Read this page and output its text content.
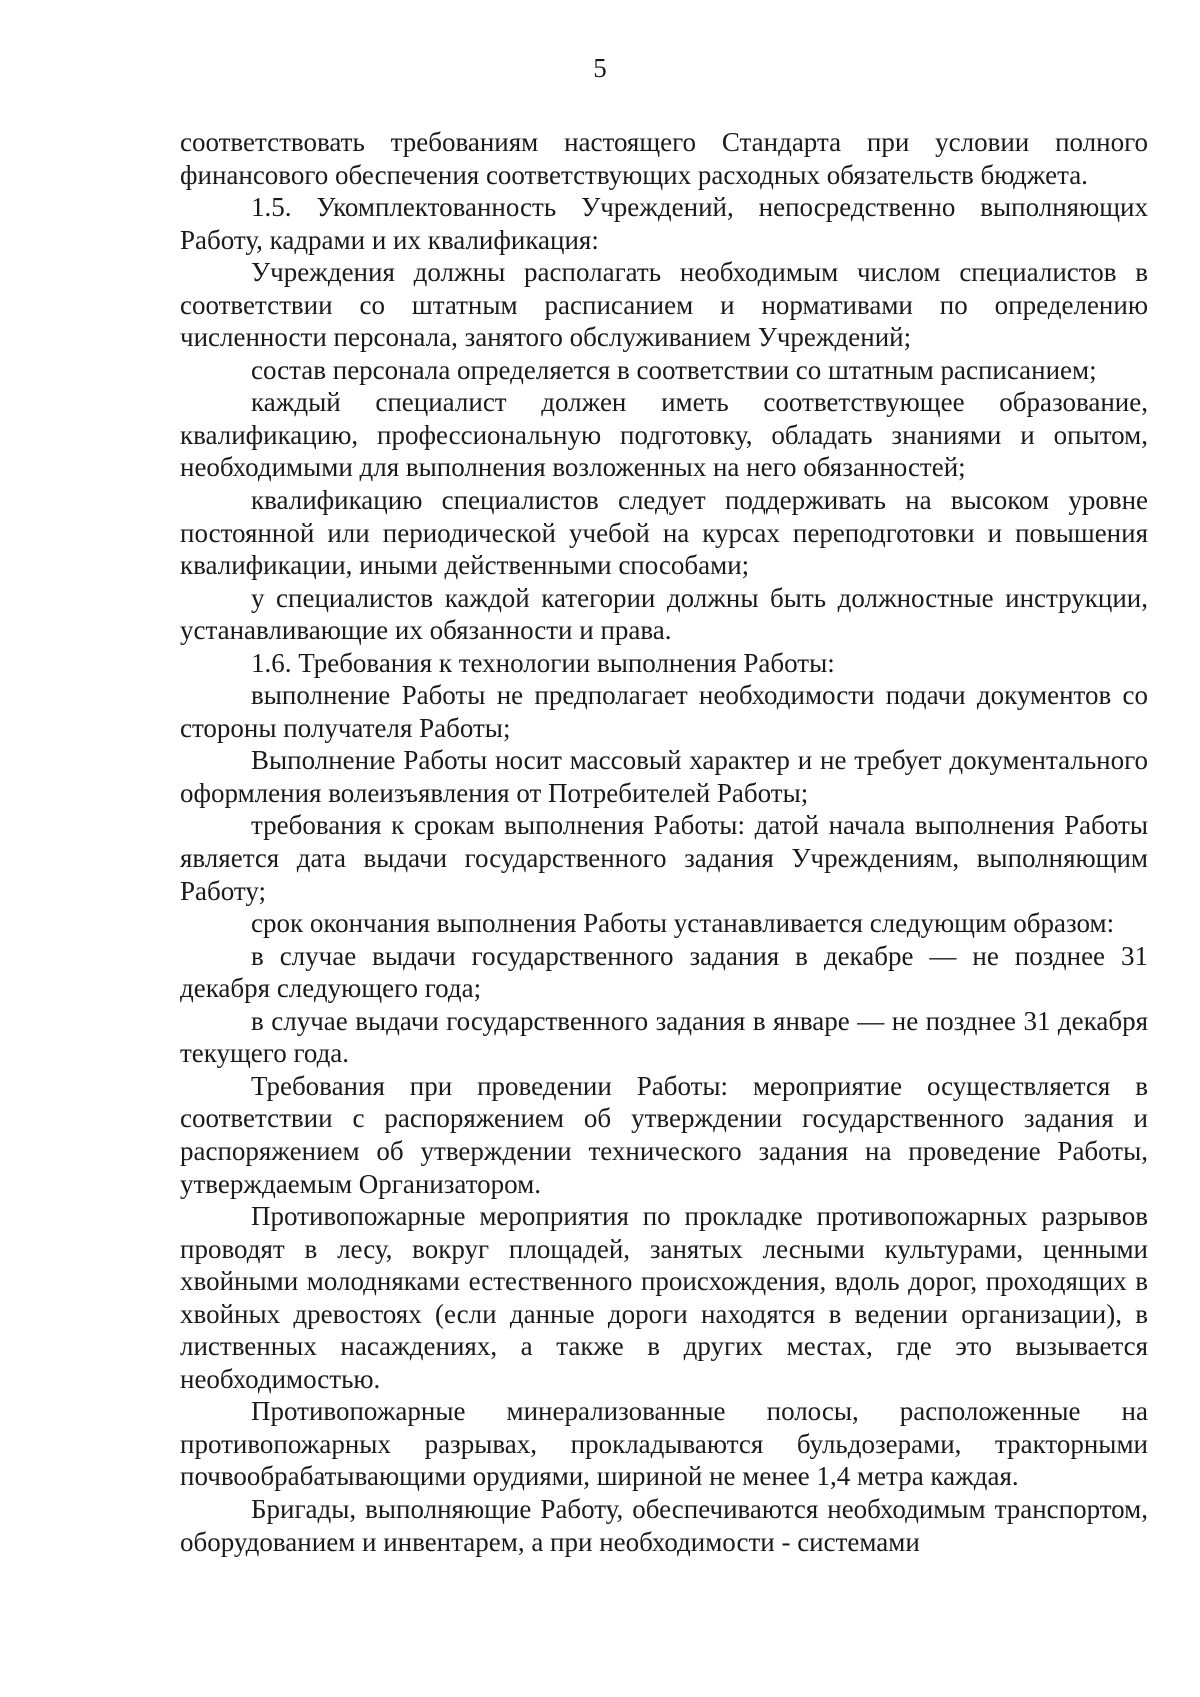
5

соответствовать требованиям настоящего Стандарта при условии полного финансового обеспечения соответствующих расходных обязательств бюджета.

1.5. Укомплектованность Учреждений, непосредственно выполняющих Работу, кадрами и их квалификация:

Учреждения должны располагать необходимым числом специалистов в соответствии со штатным расписанием и нормативами по определению численности персонала, занятого обслуживанием Учреждений;

состав персонала определяется в соответствии со штатным расписанием;

каждый специалист должен иметь соответствующее образование, квалификацию, профессиональную подготовку, обладать знаниями и опытом, необходимыми для выполнения возложенных на него обязанностей;

квалификацию специалистов следует поддерживать на высоком уровне постоянной или периодической учебой на курсах переподготовки и повышения квалификации, иными действенными способами;

у специалистов каждой категории должны быть должностные инструкции, устанавливающие их обязанности и права.

1.6. Требования к технологии выполнения Работы:

выполнение Работы не предполагает необходимости подачи документов со стороны получателя Работы;

Выполнение Работы носит массовый характер и не требует документального оформления волеизъявления от Потребителей Работы;

требования к срокам выполнения Работы: датой начала выполнения Работы является дата выдачи государственного задания Учреждениям, выполняющим Работу;

срок окончания выполнения Работы устанавливается следующим образом:

в случае выдачи государственного задания в декабре — не позднее 31 декабря следующего года;

в случае выдачи государственного задания в январе — не позднее 31 декабря текущего года.

Требования при проведении Работы: мероприятие осуществляется в соответствии с распоряжением об утверждении государственного задания и распоряжением об утверждении технического задания на проведение Работы, утверждаемым Организатором.

Противопожарные мероприятия по прокладке противопожарных разрывов проводят в лесу, вокруг площадей, занятых лесными культурами, ценными хвойными молодняками естественного происхождения, вдоль дорог, проходящих в хвойных древостоях (если данные дороги находятся в ведении организации), в лиственных насаждениях, а также в других местах, где это вызывается необходимостью.

Противопожарные минерализованные полосы, расположенные на противопожарных разрывах, прокладываются бульдозерами, тракторными почвообрабатывающими орудиями, шириной не менее 1,4 метра каждая.

Бригады, выполняющие Работу, обеспечиваются необходимым транспортом, оборудованием и инвентарем, а при необходимости - системами
